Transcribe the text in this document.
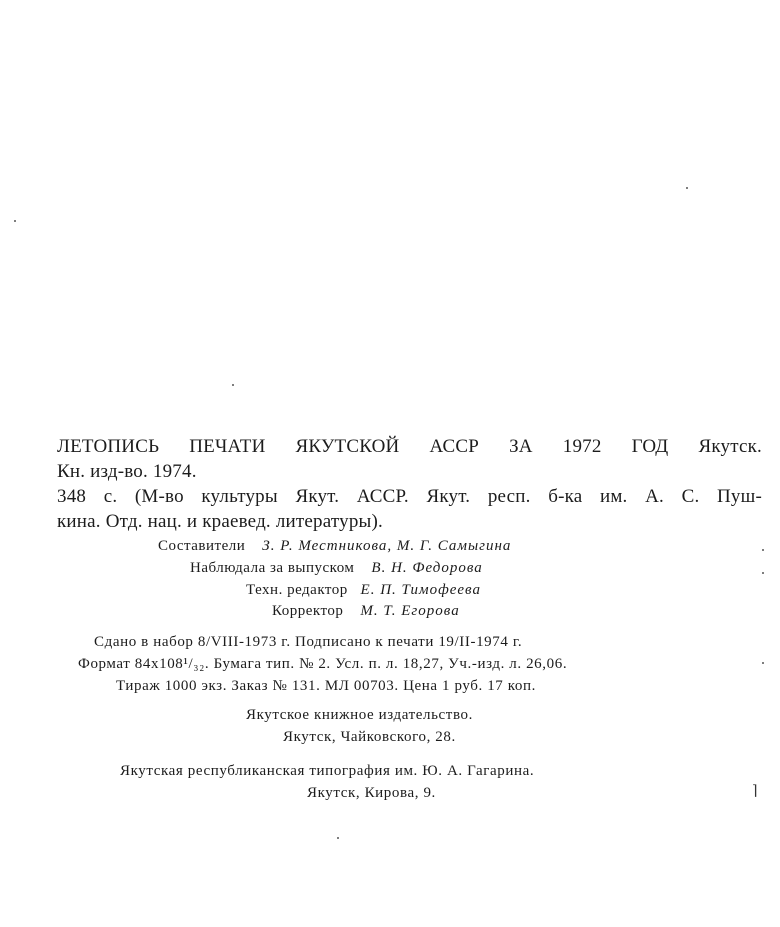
ЛЕТОПИСЬ ПЕЧАТИ ЯКУТСКОЙ АССР ЗА 1972 ГОД Якутск.
Кн. изд-во. 1974.
348 с. (М-во культуры Якут. АССР. Якут. респ. б-ка им. А. С. Пуш-
кина. Отд. нац. и краевед. литературы).
Составители З. Р. Местникова, М. Г. Самыгина
Наблюдала за выпуском В. Н. Федорова
Техн. редактор Е. П. Тимофеева
Корректор М. Т. Егорова
Сдано в набор 8/VIII-1973 г. Подписано к печати 19/II-1974 г.
Формат 84x108¹/₃₂. Бумага тип. № 2. Усл. п. л. 18,27, Уч.-изд. л. 26,06.
Тираж 1000 экз. Заказ № 131. МЛ 00703. Цена 1 руб. 17 коп.
Якутское книжное издательство.
Якутск, Чайковского, 28.
Якутская республиканская типография им. Ю. А. Гагарина.
Якутск, Кирова, 9.	⌉
